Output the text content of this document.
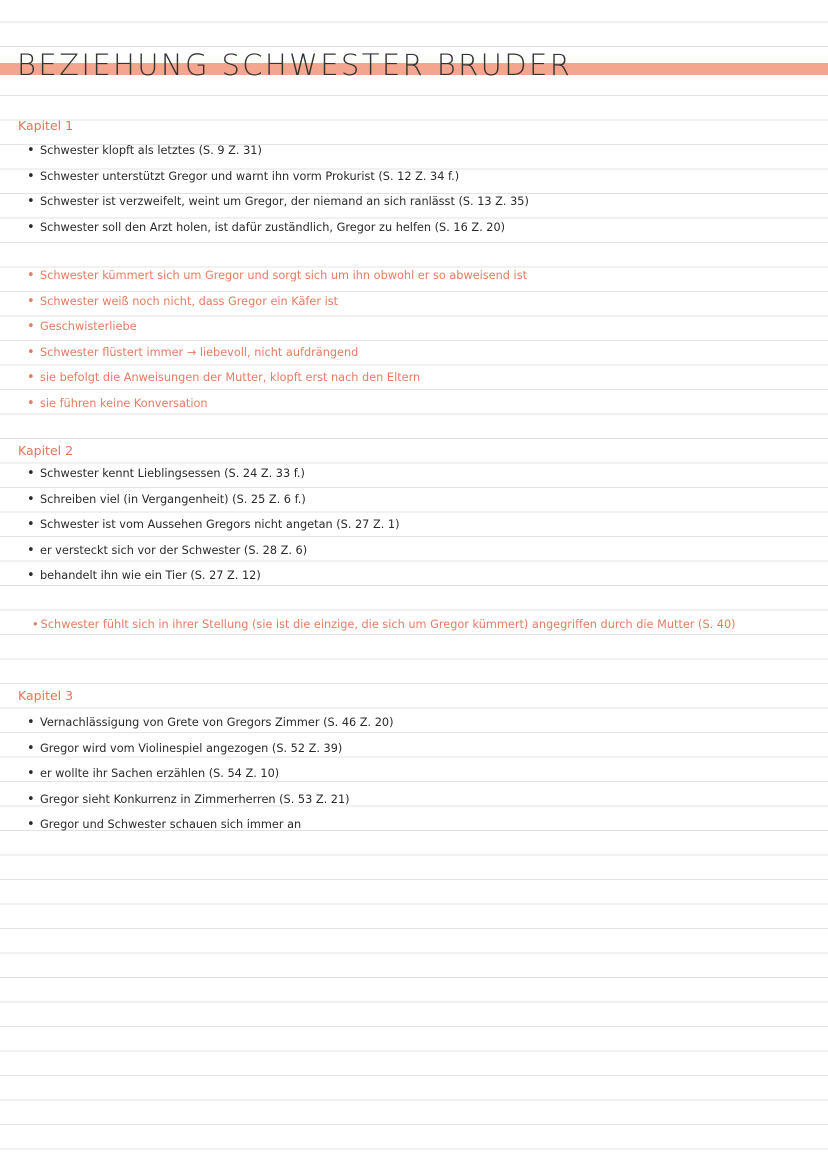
BEZIEHUNG SCHWESTER BRUDER
Kapitel 1
• Schwester klopft als letztes (S. 9 Z. 31)
• Schwester unterstützt Gregor und warnt ihn vorm Prokurist (S. 12 Z. 34 f.)
• Schwester ist verzweifelt, weint um Gregor, der niemand an sich ranlässt (S. 13 Z. 35)
• Schwester soll den Arzt holen, ist dafür zuständlich, Gregor zu helfen (S. 16 Z. 20)
• Schwester kümmert sich um Gregor und sorgt sich um ihn obwohl er so abweisend ist
• Schwester weiß noch nicht, dass Gregor ein Käfer ist
• Geschwisterliebe
• Schwester flüstert immer → liebevoll, nicht aufdrängend
• sie befolgt die Anweisungen der Mutter, klopft erst nach den Eltern
• sie führen keine Konversation
Kapitel 2
• Schwester kennt Lieblingsessen (S. 24 Z. 33 f.)
• Schreiben viel (in Vergangenheit) (S. 25 Z. 6 f.)
• Schwester ist vom Aussehen Gregors nicht angetan (S. 27 Z. 1)
• er versteckt sich vor der Schwester (S. 28 Z. 6)
• behandelt ihn wie ein Tier (S. 27 Z. 12)

• Schwester fühlt sich in ihrer Stellung (sie ist die einzige, die sich um Gregor kümmert) angegriffen durch die Mutter (S. 40)

Kapitel 3
• Vernachlässigung von Grete von Gregors Zimmer (S. 46 Z. 20)
• Gregor wird vom Violinespiel angezogen (S. 52 Z. 39)
• er wollte ihr Sachen erzählen (S. 54 Z. 10)
• Gregor sieht Konkurrenz in Zimmerherren (S. 53 Z. 21)
• Gregor und Schwester schauen sich immer an
